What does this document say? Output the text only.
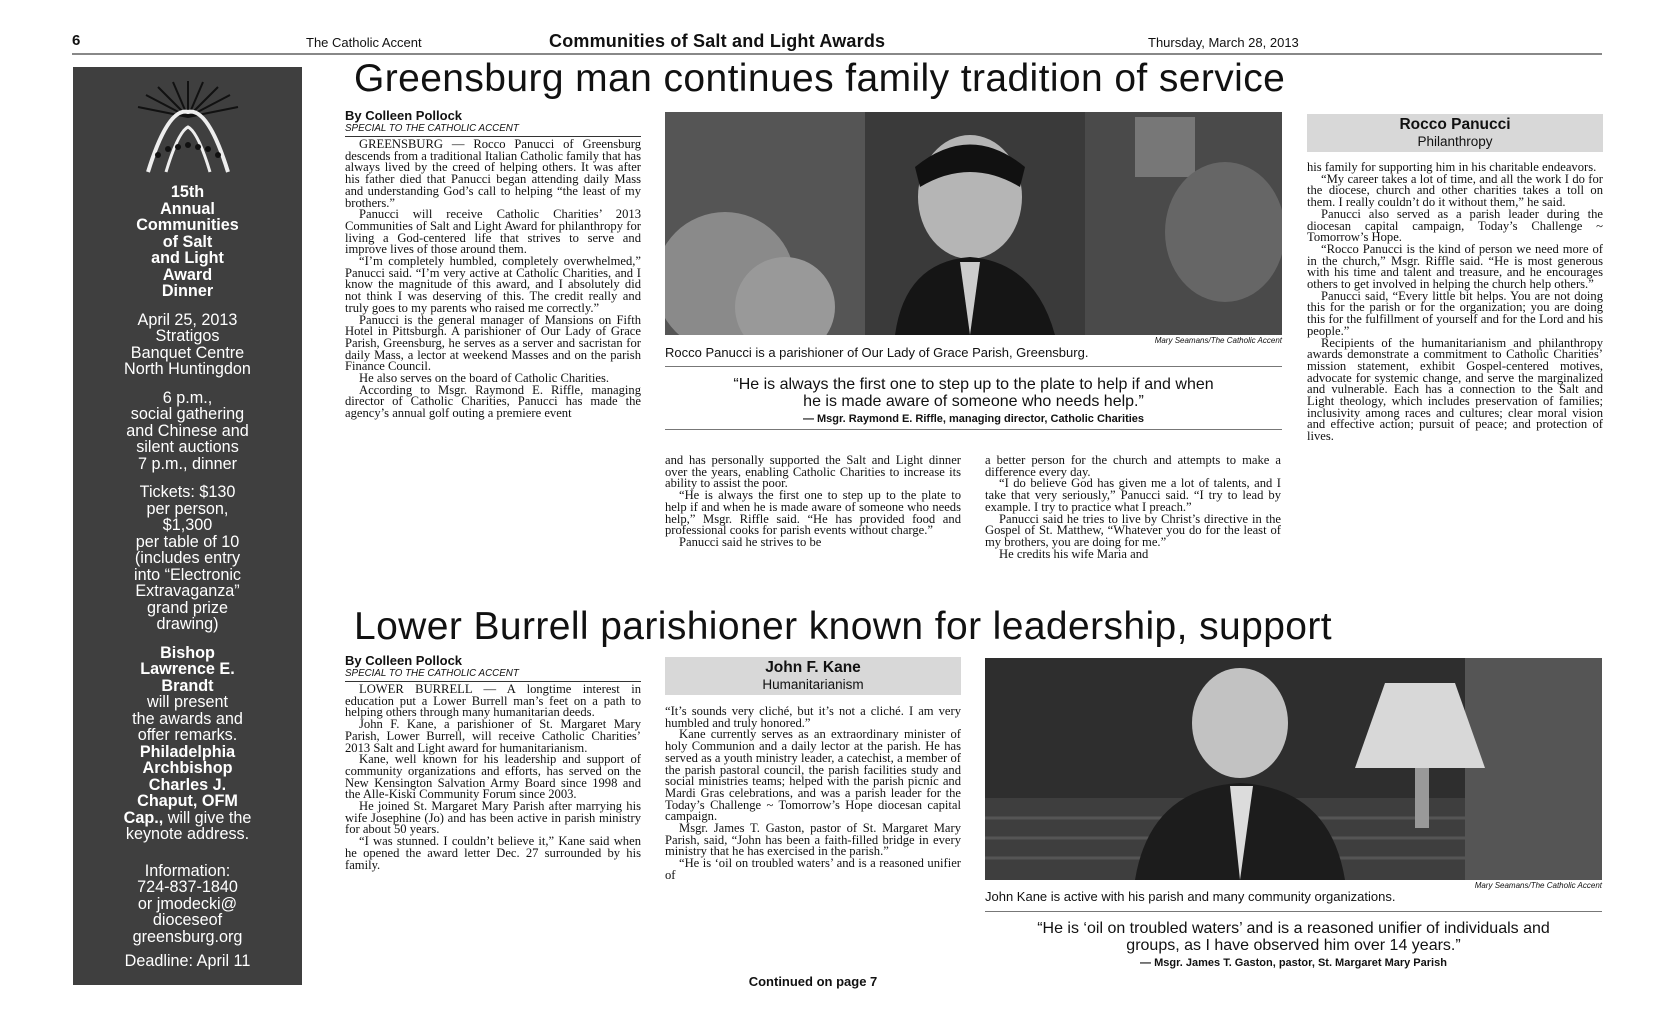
6	The Catholic Accent	Communities of Salt and Light Awards	Thursday, March 28, 2013
15th
Annual
Communities
of Salt
and Light
Award
Dinner
April 25, 2013
Stratigos
Banquet Centre
North Huntingdon
6 p.m.,
social gathering
and Chinese and
silent auctions
7 p.m., dinner
Tickets: $130
per person,
$1,300
per table of 10
(includes entry
into “Electronic
Extravaganza”
grand prize
drawing)
Bishop
Lawrence E.
Brandt
will present
the awards and
offer remarks.
Philadelphia
Archbishop
Charles J.
Chaput, OFM
Cap., will give the
keynote address.
Information:
724-837-1840
or jmodecki@
dioceseof
greensburg.org
Deadline: April 11
Greensburg man continues family tradition of service
By Colleen Pollock
SPECIAL TO THE CATHOLIC ACCENT

GREENSBURG — Rocco Panucci of Greensburg descends from a traditional Italian Catholic family that has always lived by the creed of helping others. It was after his father died that Panucci began attending daily Mass and understanding God’s call to helping “the least of my brothers.”

Panucci will receive Catholic Charities’ 2013 Communities of Salt and Light Award for philanthropy for living a God-centered life that strives to serve and improve lives of those around them.

“I’m completely humbled, completely overwhelmed,” Panucci said. “I’m very active at Catholic Charities, and I know the magnitude of this award, and I absolutely did not think I was deserving of this. The credit really and truly goes to my parents who raised me correctly.”

Panucci is the general manager of Mansions on Fifth Hotel in Pittsburgh. A parishioner of Our Lady of Grace Parish, Greensburg, he serves as a server and sacristan for daily Mass, a lector at weekend Masses and on the parish Finance Council.

He also serves on the board of Catholic Charities.

According to Msgr. Raymond E. Riffle, managing director of Catholic Charities, Panucci has made the agency’s annual golf outing a premiere event

Mary Seamans/The Catholic Accent
Rocco Panucci is a parishioner of Our Lady of Grace Parish, Greensburg.
“He is always the first one to step up to the plate to help if and when he is made aware of someone who needs help.”
— Msgr. Raymond E. Riffle, managing director, Catholic Charities

and has personally supported the Salt and Light dinner over the years, enabling Catholic Charities to increase its ability to assist the poor.

“He is always the first one to step up to the plate to help if and when he is made aware of someone who needs help,” Msgr. Riffle said. “He has provided food and professional cooks for parish events without charge.”

Panucci said he strives to be

a better person for the church and attempts to make a difference every day.

“I do believe God has given me a lot of talents, and I take that very seriously,” Panucci said. “I try to lead by example. I try to practice what I preach.”

Panucci said he tries to live by Christ’s directive in the Gospel of St. Matthew, “Whatever you do for the least of my brothers, you are doing for me.”

He credits his wife Maria and

Rocco Panucci
Philanthropy

his family for supporting him in his charitable endeavors.

“My career takes a lot of time, and all the work I do for the diocese, church and other charities takes a toll on them. I really couldn’t do it without them,” he said.

Panucci also served as a parish leader during the diocesan capital campaign, Today’s Challenge ~ Tomorrow’s Hope.

“Rocco Panucci is the kind of person we need more of in the church,” Msgr. Riffle said. “He is most generous with his time and talent and treasure, and he encourages others to get involved in helping the church help others.”

Panucci said, “Every little bit helps. You are not doing this for the parish or for the organization; you are doing this for the fulfillment of yourself and for the Lord and his people.”

Recipients of the humanitarianism and philanthropy awards demonstrate a commitment to Catholic Charities’ mission statement, exhibit Gospel-centered motives, advocate for systemic change, and serve the marginalized and vulnerable. Each has a connection to the Salt and Light theology, which includes preservation of families; inclusivity among races and cultures; clear moral vision and effective action; pursuit of peace; and protection of lives.

Lower Burrell parishioner known for leadership, support
By Colleen Pollock
SPECIAL TO THE CATHOLIC ACCENT

LOWER BURRELL — A longtime interest in education put a Lower Burrell man’s feet on a path to helping others through many humanitarian deeds.

John F. Kane, a parishioner of St. Margaret Mary Parish, Lower Burrell, will receive Catholic Charities’ 2013 Salt and Light award for humanitarianism.

Kane, well known for his leadership and support of community organizations and efforts, has served on the New Kensington Salvation Army Board since 1998 and the Alle-Kiski Community Forum since 2003.

He joined St. Margaret Mary Parish after marrying his wife Josephine (Jo) and has been active in parish ministry for about 50 years.

“I was stunned. I couldn’t believe it,” Kane said when he opened the award letter Dec. 27 surrounded by his family.

John F. Kane
Humanitarianism

“It’s sounds very cliché, but it’s not a cliché. I am very humbled and truly honored.”

Kane currently serves as an extraordinary minister of holy Communion and a daily lector at the parish. He has served as a youth ministry leader, a catechist, a member of the parish pastoral council, the parish facilities study and social ministries teams; helped with the parish picnic and Mardi Gras celebrations, and was a parish leader for the Today’s Challenge ~ Tomorrow’s Hope diocesan capital campaign.

Msgr. James T. Gaston, pastor of St. Margaret Mary Parish, said, “John has been a faith-filled bridge in every ministry that he has exercised in the parish.”

“He is ‘oil on troubled waters’ and is a reasoned unifier of

Continued on page 7
Mary Seamans/The Catholic Accent
John Kane is active with his parish and many community organizations.
“He is ‘oil on troubled waters’ and is a reasoned unifier of individuals and groups, as I have observed him over 14 years.”
— Msgr. James T. Gaston, pastor, St. Margaret Mary Parish
